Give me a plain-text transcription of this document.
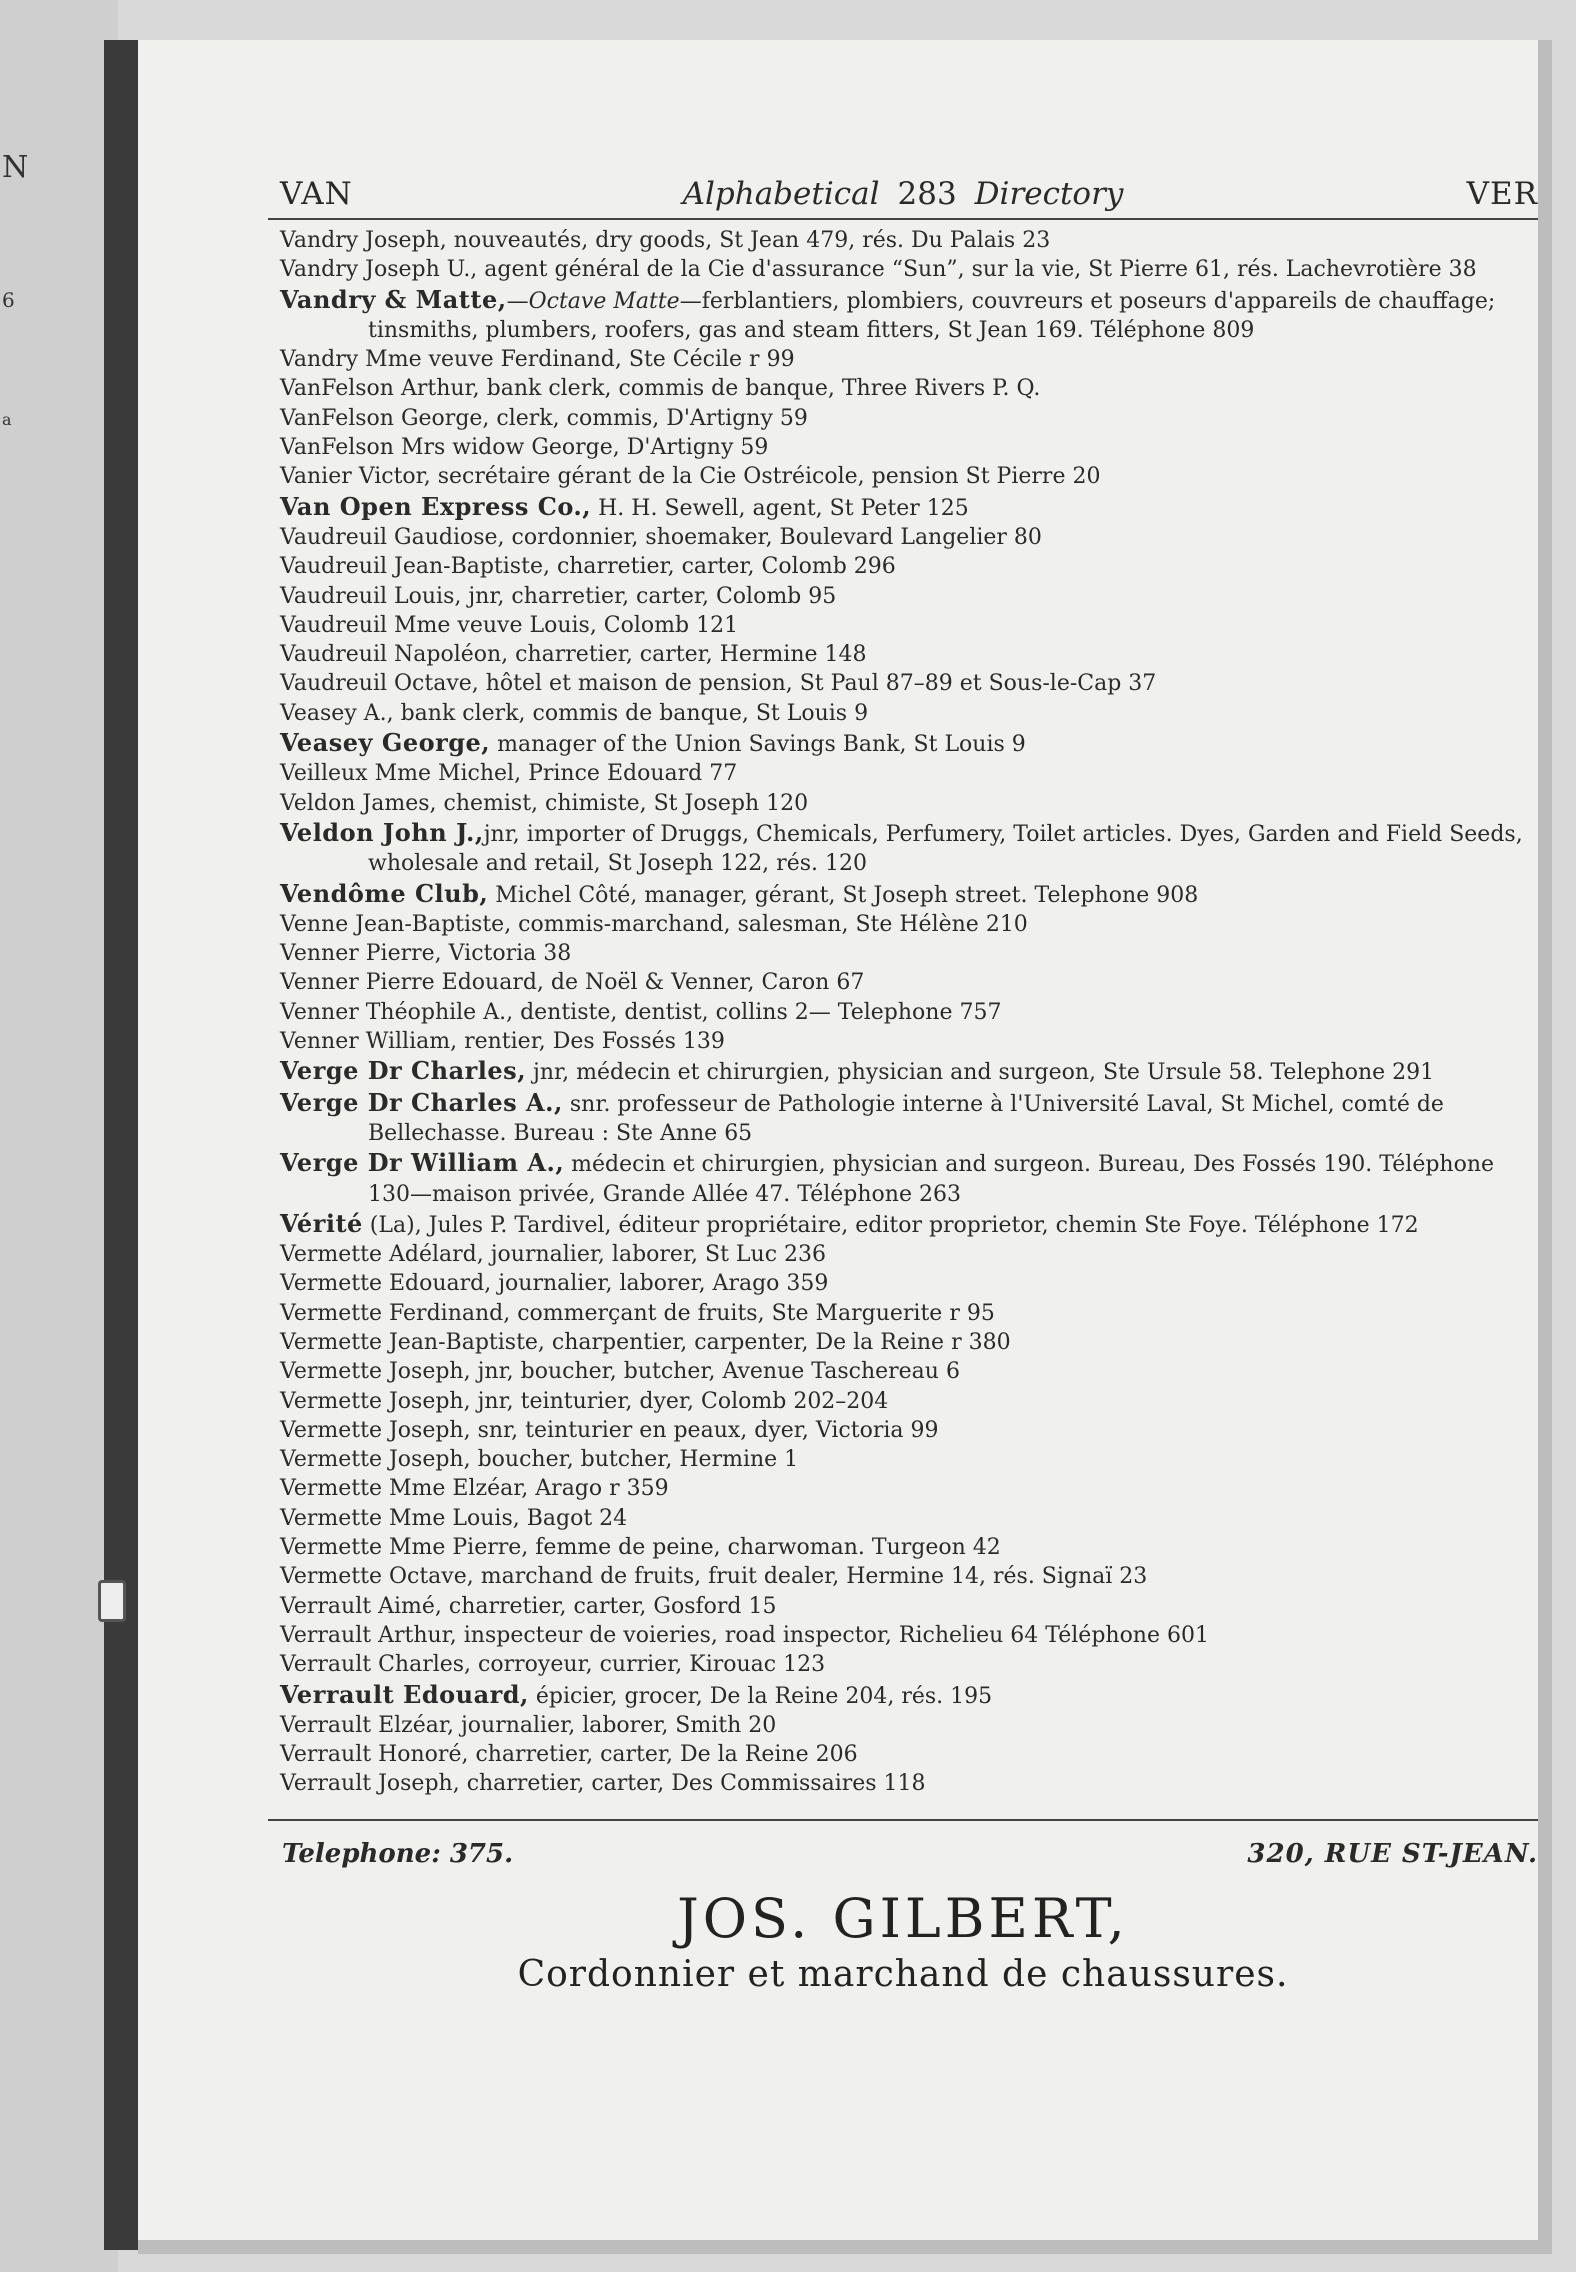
N
6
a
VAN	Alphabetical 283 Directory	VER
Vandry Joseph, nouveautés, dry goods, St Jean 479, rés. Du Palais 23
Vandry Joseph U., agent général de la Cie d'assurance “Sun”, sur la vie, St Pierre 61, rés. Lachevrotière 38
Vandry & Matte,—Octave Matte—ferblantiers, plombiers, couvreurs et poseurs d'appareils de chauffage; tinsmiths, plumbers, roofers, gas and steam fitters, St Jean 169. Téléphone 809
Vandry Mme veuve Ferdinand, Ste Cécile r 99
VanFelson Arthur, bank clerk, commis de banque, Three Rivers P. Q.
VanFelson George, clerk, commis, D'Artigny 59
VanFelson Mrs widow George, D'Artigny 59
Vanier Victor, secrétaire gérant de la Cie Ostréicole, pension St Pierre 20
Van Open Express Co., H. H. Sewell, agent, St Peter 125
Vaudreuil Gaudiose, cordonnier, shoemaker, Boulevard Langelier 80
Vaudreuil Jean-Baptiste, charretier, carter, Colomb 296
Vaudreuil Louis, jnr, charretier, carter, Colomb 95
Vaudreuil Mme veuve Louis, Colomb 121
Vaudreuil Napoléon, charretier, carter, Hermine 148
Vaudreuil Octave, hôtel et maison de pension, St Paul 87–89 et Sous-le-Cap 37
Veasey A., bank clerk, commis de banque, St Louis 9
Veasey George, manager of the Union Savings Bank, St Louis 9
Veilleux Mme Michel, Prince Edouard 77
Veldon James, chemist, chimiste, St Joseph 120
Veldon John J.,jnr, importer of Druggs, Chemicals, Perfumery, Toilet articles. Dyes, Garden and Field Seeds, wholesale and retail, St Joseph 122, rés. 120
Vendôme Club, Michel Côté, manager, gérant, St Joseph street. Telephone 908
Venne Jean-Baptiste, commis-marchand, salesman, Ste Hélène 210
Venner Pierre, Victoria 38
Venner Pierre Edouard, de Noël & Venner, Caron 67
Venner Théophile A., dentiste, dentist, collins 2— Telephone 757
Venner William, rentier, Des Fossés 139
Verge Dr Charles, jnr, médecin et chirurgien, physician and surgeon, Ste Ursule 58. Telephone 291
Verge Dr Charles A., snr. professeur de Pathologie interne à l'Université Laval, St Michel, comté de Bellechasse. Bureau : Ste Anne 65
Verge Dr William A., médecin et chirurgien, physician and surgeon. Bureau, Des Fossés 190. Téléphone 130—maison privée, Grande Allée 47. Téléphone 263
Vérité (La), Jules P. Tardivel, éditeur propriétaire, editor proprietor, chemin Ste Foye. Téléphone 172
Vermette Adélard, journalier, laborer, St Luc 236
Vermette Edouard, journalier, laborer, Arago 359
Vermette Ferdinand, commerçant de fruits, Ste Marguerite r 95
Vermette Jean-Baptiste, charpentier, carpenter, De la Reine r 380
Vermette Joseph, jnr, boucher, butcher, Avenue Taschereau 6
Vermette Joseph, jnr, teinturier, dyer, Colomb 202–204
Vermette Joseph, snr, teinturier en peaux, dyer, Victoria 99
Vermette Joseph, boucher, butcher, Hermine 1
Vermette Mme Elzéar, Arago r 359
Vermette Mme Louis, Bagot 24
Vermette Mme Pierre, femme de peine, charwoman. Turgeon 42
Vermette Octave, marchand de fruits, fruit dealer, Hermine 14, rés. Signaï 23
Verrault Aimé, charretier, carter, Gosford 15
Verrault Arthur, inspecteur de voieries, road inspector, Richelieu 64 Téléphone 601
Verrault Charles, corroyeur, currier, Kirouac 123
Verrault Edouard, épicier, grocer, De la Reine 204, rés. 195
Verrault Elzéar, journalier, laborer, Smith 20
Verrault Honoré, charretier, carter, De la Reine 206
Verrault Joseph, charretier, carter, Des Commissaires 118
Telephone: 375.	320, RUE ST-JEAN.
JOS. GILBERT,
Cordonnier et marchand de chaussures.
